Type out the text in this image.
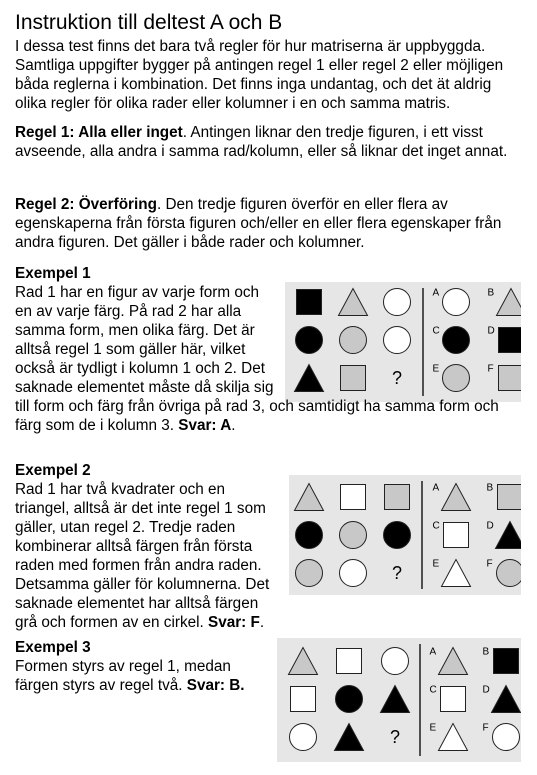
Instruktion till deltest A och B
I dessa test finns det bara två regler för hur matriserna är uppbyggda. Samtliga uppgifter bygger på antingen regel 1 eller regel 2 eller möjligen båda reglerna i kombination. Det finns inga undantag, och det ät aldrig olika regler för olika rader eller kolumner i en och samma matris.
Regel 1: Alla eller inget. Antingen liknar den tredje figuren, i ett visst avseende, alla andra i samma rad/kolumn, eller så liknar det inget annat.
Regel 2: Överföring. Den tredje figuren överför en eller flera av egenskaperna från första figuren och/eller en eller flera egenskaper från andra figuren. Det gäller i både rader och kolumner.
Exempel 1
?
A	B
C	D
E	F
Rad 1 har en figur av varje form och en av varje färg. På rad 2 har alla samma form, men olika färg. Det är alltså regel 1 som gäller här, vilket också är tydligt i kolumn 1 och 2. Det saknade elementet måste då skilja sig till form och färg från övriga på rad 3, och samtidigt ha samma form och färg som de i kolumn 3. Svar: A.
Exempel 2
?
A	B
C	D
E	F
Rad 1 har två kvadrater och en triangel, alltså är det inte regel 1 som gäller, utan regel 2. Tredje raden kombinerar alltså färgen från första raden med formen från andra raden. Detsamma gäller för kolumnerna. Det saknade elementet har alltså färgen grå och formen av en cirkel. Svar: F.
Exempel 3
?
A	B
C	D
E	F
Formen styrs av regel 1, medan färgen styrs av regel två. Svar: B.
